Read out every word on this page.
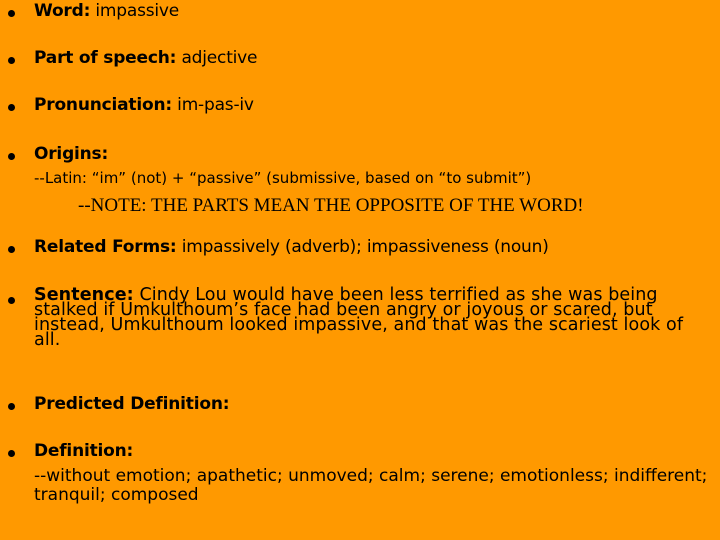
Word: impassive
Part of speech: adjective
Pronunciation: im-pas-iv
Origins:
--Latin: “im” (not) + “passive” (submissive, based on “to submit”)
--NOTE: THE PARTS MEAN THE OPPOSITE OF THE WORD!
Related Forms: impassively (adverb); impassiveness (noun)
Sentence: Cindy Lou would have been less terrified as she was being stalked if Umkulthoum’s face had been angry or joyous or scared, but instead, Umkulthoum looked impassive, and that was the scariest look of all.
Predicted Definition:
Definition:
--without emotion; apathetic; unmoved; calm; serene; emotionless; indifferent; tranquil; composed
